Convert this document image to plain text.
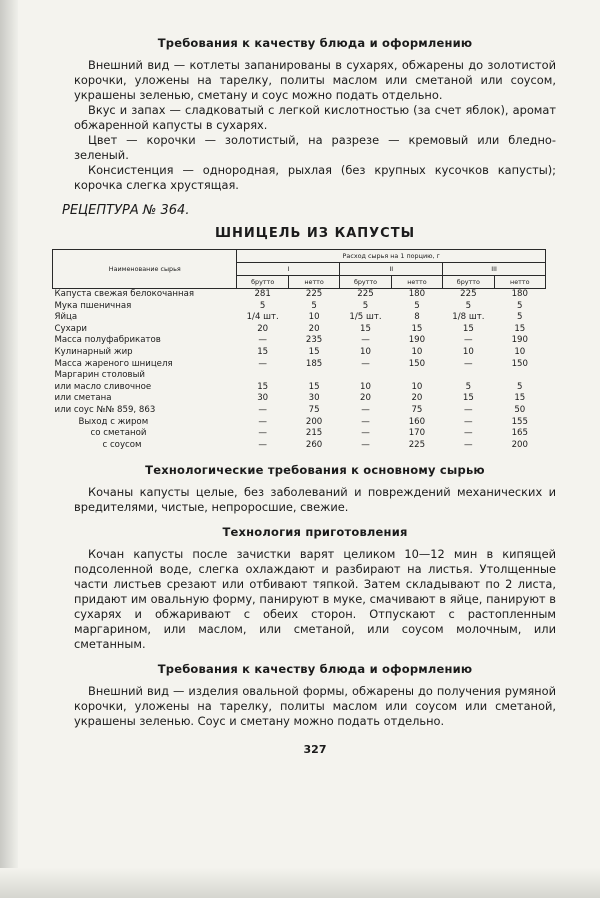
Требования к качеству блюда и оформлению

Внешний вид — котлеты запанированы в сухарях, обжарены до золотистой корочки, уложены на тарелку, политы маслом или сметаной или соусом, украшены зеленью, сметану и соус можно подать отдельно.

Вкус и запах — сладковатый с легкой кислотностью (за счет яблок), аромат обжаренной капусты в сухарях.

Цвет — корочки — золотистый, на разрезе — кремовый или бледно-зеленый.

Консистенция — однородная, рыхлая (без крупных кусочков капусты); корочка слегка хрустящая.

РЕЦЕПТУРА № 364.
ШНИЦЕЛЬ ИЗ КАПУСТЫ
Наименование сырья	Расход сырья на 1 порцию, г					
	I		II		III	
	брутто	нетто	брутто	нетто	брутто	нетто
Капуста свежая белокочанная	281	225	225	180	225	180
Мука пшеничная	5	5	5	5	5	5
Яйца	1/4 шт.	10	1/5 шт.	8	1/8 шт.	5
Сухари	20	20	15	15	15	15
Масса полуфабрикатов	—	235	—	190	—	190
Кулинарный жир	15	15	10	10	10	10
Масса жареного шницеля	—	185	—	150	—	150
Маргарин столовый						
или масло сливочное	15	15	10	10	5	5
или сметана	30	30	20	20	15	15
или соус №№ 859, 863	—	75	—	75	—	50
Выход с жиром	—	200	—	160	—	155
со сметаной	—	215	—	170	—	165
с соусом	—	260	—	225	—	200
Технологические требования к основному сырью

Кочаны капусты целые, без заболеваний и повреждений механических и вредителями, чистые, непроросшие, свежие.

Технология приготовления

Кочан капусты после зачистки варят целиком 10—12 мин в кипящей подсоленной воде, слегка охлаждают и разбирают на листья. Утолщенные части листьев срезают или отбивают тяпкой. Затем складывают по 2 листа, придают им овальную форму, панируют в муке, смачивают в яйце, панируют в сухарях и обжаривают с обеих сторон. Отпускают с растопленным маргарином, или маслом, или сметаной, или соусом молочным, или сметанным.

Требования к качеству блюда и оформлению

Внешний вид — изделия овальной формы, обжарены до получения румяной корочки, уложены на тарелку, политы маслом или соусом или сметаной, украшены зеленью. Соус и сметану можно подать отдельно.

327
